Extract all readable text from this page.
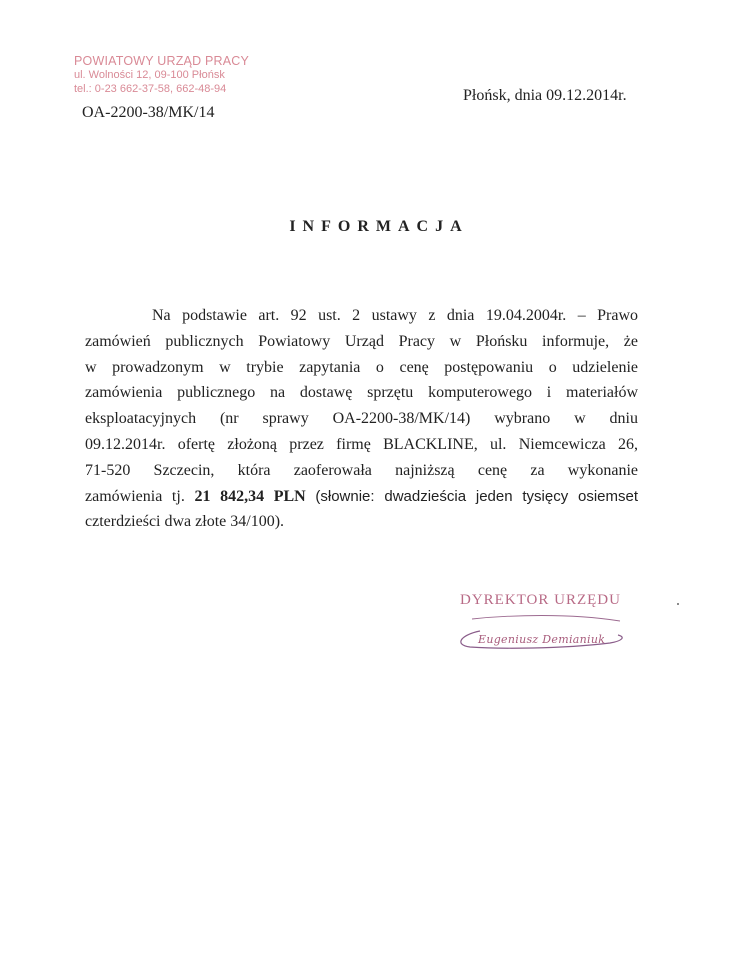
POWIATOWY URZĄD PRACY
ul. Wolności 12, 09-100 Płońsk
tel.: 0-23 662-37-58, 662-48-94
OA-2200-38/MK/14
Płońsk, dnia 09.12.2014r.
INFORMACJA
Na podstawie art. 92 ust. 2 ustawy z dnia 19.04.2004r. – Prawo
zamówień publicznych Powiatowy Urząd Pracy w Płońsku informuje, że
w prowadzonym w trybie zapytania o cenę postępowaniu o udzielenie
zamówienia publicznego na dostawę sprzętu komputerowego i materiałów
eksploatacyjnych (nr sprawy OA-2200-38/MK/14) wybrano w dniu
09.12.2014r. ofertę złożoną przez firmę BLACKLINE, ul. Niemcewicza 26,
71-520 Szczecin, która zaoferowała najniższą cenę za wykonanie
zamówienia tj. 21 842,34 PLN (słownie: dwadzieścia jeden tysięcy osiemset
czterdzieści dwa złote 34/100).
DYREKTOR URZĘDU
Eugeniusz Demianiuk
